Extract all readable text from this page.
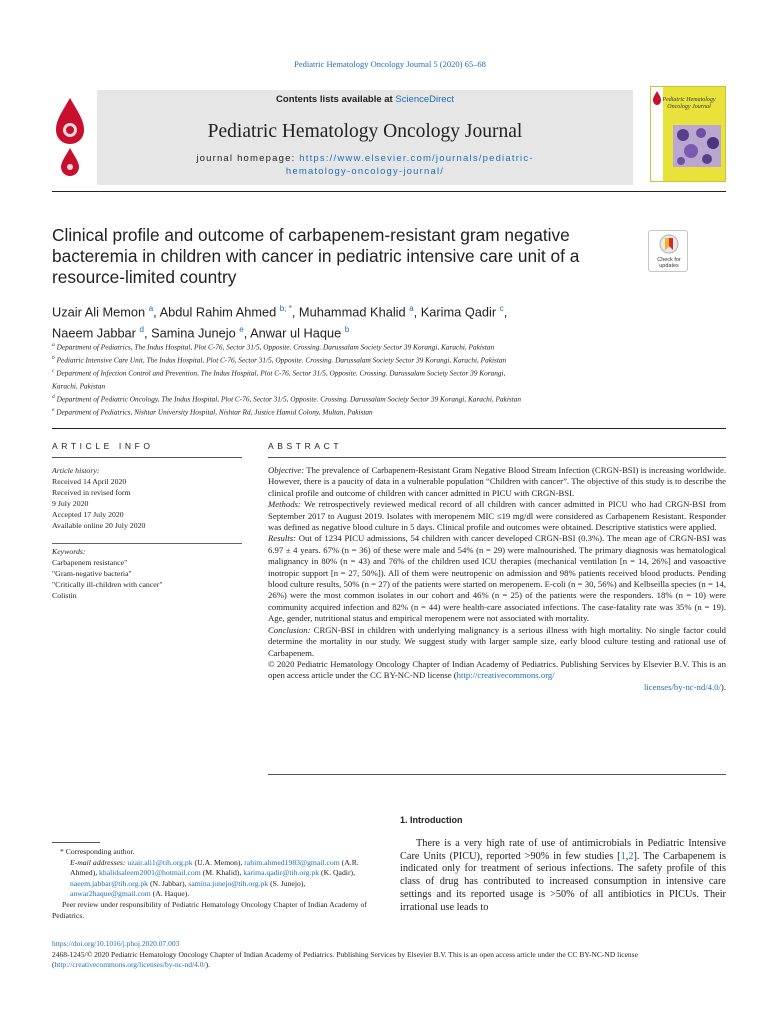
Pediatric Hematology Oncology Journal 5 (2020) 65–68
Contents lists available at ScienceDirect
Pediatric Hematology Oncology Journal
journal homepage: https://www.elsevier.com/journals/pediatric-
hematology-oncology-journal/
Pediatric Hematology
Oncology Journal
Clinical profile and outcome of carbapenem-resistant gram negative
bacteremia in children with cancer in pediatric intensive care unit of a
resource-limited country
Check for
updates
Uzair Ali Memon $^a$, Abdul Rahim Ahmed $^{b, *}$, Muhammad Khalid $^a$, Karima Qadir $^c$,
Naeem Jabbar $^d$, Samina Junejo $^e$, Anwar ul Haque $^b$
$^a$ Department of Pediatrics, The Indus Hospital, Plot C-76, Sector 31/5, Opposite. Crossing. Darussalam Society Sector 39 Korangi, Karachi, Pakistan
$^b$ Pediatric Intensive Care Unit, The Indus Hospital, Plot C-76, Sector 31/5, Opposite. Crossing. Darussalam Society Sector 39 Korangi, Karachi, Pakistan
$^c$ Department of Infection Control and Prevention, The Indus Hospital, Plot C-76, Sector 31/5, Opposite. Crossing. Darussalam Society Sector 39 Korangi,
Karachi, Pakistan
$^d$ Department of Pediatric Oncology, The Indus Hospital, Plot C-76, Sector 31/5, Opposite. Crossing. Darussalam Society Sector 39 Korangi, Karachi, Pakistan
$^e$ Department of Pediatrics, Nishtar University Hospital, Nishtar Rd, Justice Hamid Colony, Multan, Pakistan
ARTICLE INFO	ABSTRACT
Article history:
Received 14 April 2020
Received in revised form
9 July 2020
Accepted 17 July 2020
Available online 20 July 2020
Keywords:
Carbapenem resistance"
"Gram-negative bacteria"
"Critically ill-children with cancer"
Colistin

Objective: The prevalence of Carbapenem-Resistant Gram Negative Blood Stream Infection (CRGN-BSI) is increasing worldwide. However, there is a paucity of data in a vulnerable population “Children with cancer”. The objective of this study is to describe the clinical profile and outcome of children with cancer admitted in PICU with CRGN-BSI.

Methods: We retrospectively reviewed medical record of all children with cancer admitted in PICU who had CRGN-BSI from September 2017 to August 2019. Isolates with meropenem MIC ≤19 mg/dl were considered as Carbapenem Resistant. Responder was defined as negative blood culture in 5 days. Clinical profile and outcomes were obtained. Descriptive statistics were applied.

Results: Out of 1234 PICU admissions, 54 children with cancer developed CRGN-BSI (0.3%). The mean age of CRGN-BSI was 6.97 ± 4 years. 67% (n = 36) of these were male and 54% (n = 29) were malnourished. The primary diagnosis was hematological malignancy in 80% (n = 43) and 76% of the children used ICU therapies (mechanical ventilation [n = 14, 26%] and vasoactive inotropic support [n = 27, 50%]). All of them were neutropenic on admission and 98% patients received blood products. Pending blood culture results, 50% (n = 27) of the patients were started on meropenem. E-coli (n = 30, 56%) and Kelbseilla species (n = 14, 26%) were the most common isolates in our cohort and 46% (n = 25) of the patients were the responders. 18% (n = 10) were community acquired infection and 82% (n = 44) were health-care associated infections. The case-fatality rate was 35% (n = 19). Age, gender, nutritional status and empirical meropenem were not associated with mortality.

Conclusion: CRGN-BSI in children with underlying malignancy is a serious illness with high mortality. No single factor could determine the mortality in our study. We suggest study with larger sample size, early blood culture testing and rational use of Carbapenem.

© 2020 Pediatric Hematology Oncology Chapter of Indian Academy of Pediatrics. Publishing Services by Elsevier B.V. This is an open access article under the CC BY-NC-ND license (http://creativecommons.org/

licenses/by-nc-nd/4.0/).

1. Introduction
There is a very high rate of use of antimicrobials in Pediatric Intensive Care Units (PICU), reported >90% in few studies [1,2]. The Carbapenem is indicated only for treatment of serious infections. The safety profile of this class of drug has contributed to increased consumption in intensive care settings and its reported usage is >50% of all antibiotics in PICUs. Their irrational use leads to

* Corresponding author.

E-mail addresses: uzair.ali1@tih.org.pk (U.A. Memon), rahim.ahmed1983@gmail.com (A.R. Ahmed), khalidsaleem2001@hotmail.com (M. Khalid), karima.qadir@tih.org.pk (K. Qadir), naeem.jabbar@tih.org.pk (N. Jabbar), samina.junejo@tih.org.pk (S. Junejo), anwar2haque@gmail.com (A. Haque).

Peer review under responsibility of Pediatric Hematology Oncology Chapter of Indian Academy of Pediatrics.

https://doi.org/10.1016/j.phoj.2020.07.003
2468-1245/© 2020 Pediatric Hematology Oncology Chapter of Indian Academy of Pediatrics. Publishing Services by Elsevier B.V. This is an open access article under the CC BY-NC-ND license (http://creativecommons.org/licenses/by-nc-nd/4.0/).
